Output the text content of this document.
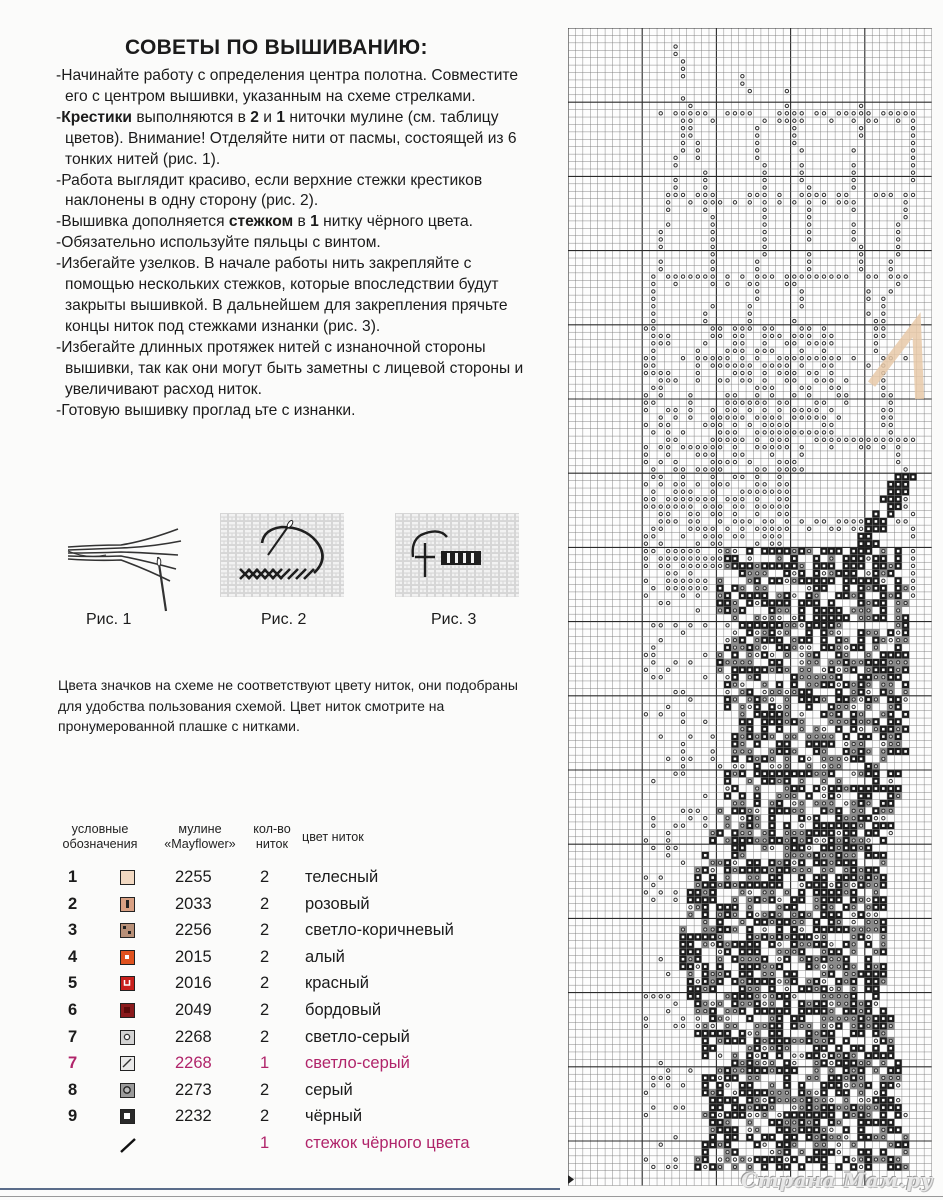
СОВЕТЫ ПО ВЫШИВАНИЮ:
-Начинайте работу с определения центра полотна. Совместите его с центром вышивки, указанным на схеме стрелками.
-Крестики выполняются в 2 и 1 ниточки мулине (см. таблицу цветов). Внимание! Отделяйте нити от пасмы, состоящей из 6 тонких нитей (рис. 1).
-Работа выглядит красиво, если верхние стежки крестиков наклонены в одну сторону (рис. 2).
-Вышивка дополняется стежком в 1 нитку чёрного цвета.
-Обязательно используйте пяльцы с винтом.
-Избегайте узелков. В начале работы нить закрепляйте с помощью нескольких стежков, которые впоследствии будут закрыты вышивкой. В дальнейшем для закрепления прячьте концы ниток под стежками изнанки (рис. 3).
-Избегайте длинных протяжек нитей с изнаночной стороны вышивки, так как они могут быть заметны с лицевой стороны и увеличивают расход ниток.
-Готовую вышивку проглад ьте с изнанки.
Рис. 1	Рис. 2	Рис. 3
Цвета значков на схеме не соответствуют цвету ниток, они подобраны для удобства пользования схемой. Цвет ниток смотрите на пронумерованной плашке с нитками.
условные обозначения
мулине «Mayflower»
кол-во ниток	цвет ниток
1	2255	2 телесный
2	2033	2 розовый
3	2256	2 светло-коричневый
4	2015	2 алый
5	2016	2 красный
6	2049	2 бордовый
7	2268	2 светло-серый
7	2268	1 светло-серый
8	2273	2 серый
9	2232	2 чёрный
1 стежок чёрного цвета
Страна Мам.ру
